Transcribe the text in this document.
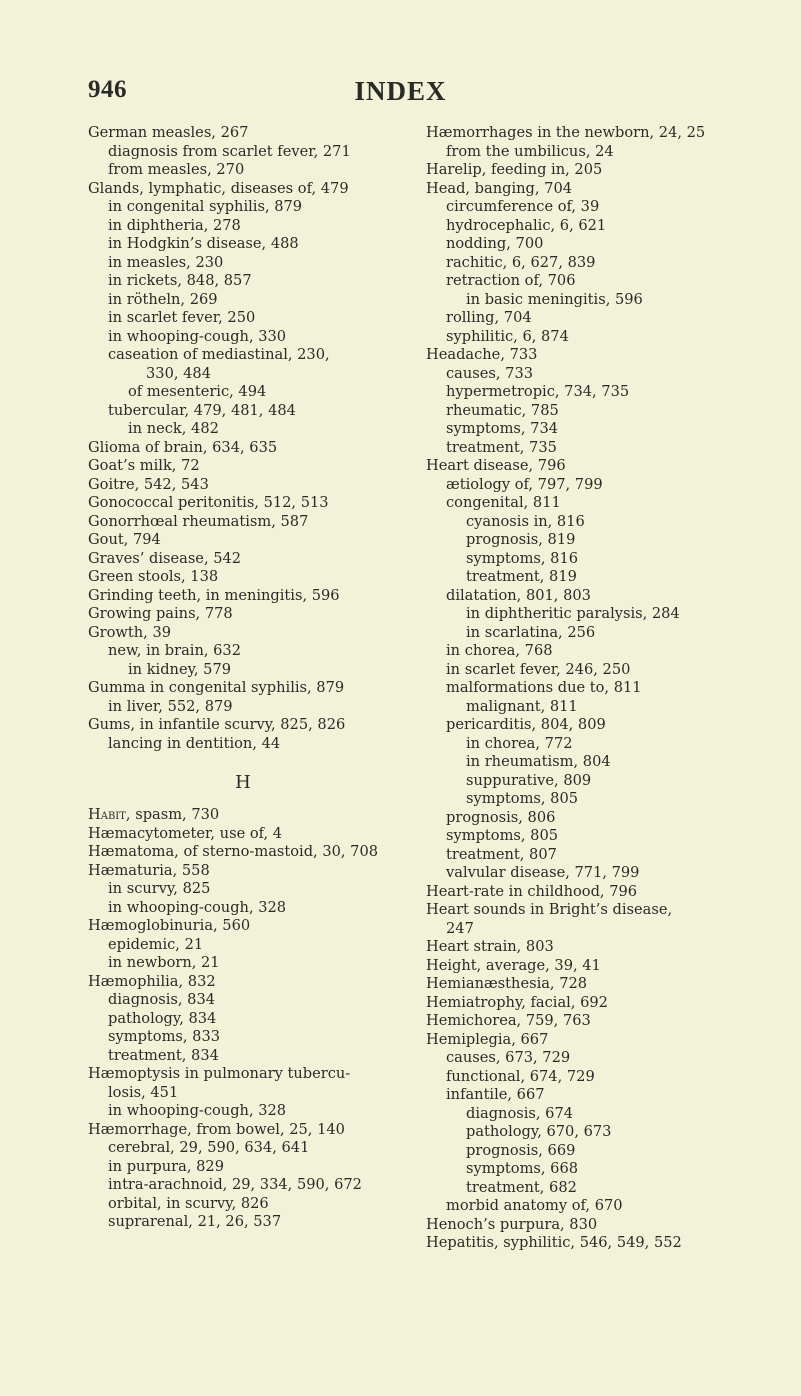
946	INDEX
German measles, 267
diagnosis from scarlet fever, 271
from measles, 270
Glands, lymphatic, diseases of, 479
in congenital syphilis, 879
in diphtheria, 278
in Hodgkin’s disease, 488
in measles, 230
in rickets, 848, 857
in rötheln, 269
in scarlet fever, 250
in whooping-cough, 330
caseation of mediastinal, 230,
330, 484
of mesenteric, 494
tubercular, 479, 481, 484
in neck, 482
Glioma of brain, 634, 635
Goat’s milk, 72
Goitre, 542, 543
Gonococcal peritonitis, 512, 513
Gonorrhœal rheumatism, 587
Gout, 794
Graves’ disease, 542
Green stools, 138
Grinding teeth, in meningitis, 596
Growing pains, 778
Growth, 39
new, in brain, 632
in kidney, 579
Gumma in congenital syphilis, 879
in liver, 552, 879
Gums, in infantile scurvy, 825, 826
lancing in dentition, 44
H
Habit, spasm, 730
Hæmacytometer, use of, 4
Hæmatoma, of sterno-mastoid, 30, 708
Hæmaturia, 558
in scurvy, 825
in whooping-cough, 328
Hæmoglobinuria, 560
epidemic, 21
in newborn, 21
Hæmophilia, 832
diagnosis, 834
pathology, 834
symptoms, 833
treatment, 834
Hæmoptysis in pulmonary tubercu-
losis, 451
in whooping-cough, 328
Hæmorrhage, from bowel, 25, 140
cerebral, 29, 590, 634, 641
in purpura, 829
intra-arachnoid, 29, 334, 590, 672
orbital, in scurvy, 826
suprarenal, 21, 26, 537
Hæmorrhages in the newborn, 24, 25
from the umbilicus, 24
Harelip, feeding in, 205
Head, banging, 704
circumference of, 39
hydrocephalic, 6, 621
nodding, 700
rachitic, 6, 627, 839
retraction of, 706
in basic meningitis, 596
rolling, 704
syphilitic, 6, 874
Headache, 733
causes, 733
hypermetropic, 734, 735
rheumatic, 785
symptoms, 734
treatment, 735
Heart disease, 796
ætiology of, 797, 799
congenital, 811
cyanosis in, 816
prognosis, 819
symptoms, 816
treatment, 819
dilatation, 801, 803
in diphtheritic paralysis, 284
in scarlatina, 256
in chorea, 768
in scarlet fever, 246, 250
malformations due to, 811
malignant, 811
pericarditis, 804, 809
in chorea, 772
in rheumatism, 804
suppurative, 809
symptoms, 805
prognosis, 806
symptoms, 805
treatment, 807
valvular disease, 771, 799
Heart-rate in childhood, 796
Heart sounds in Bright’s disease,
247
Heart strain, 803
Height, average, 39, 41
Hemianæsthesia, 728
Hemiatrophy, facial, 692
Hemichorea, 759, 763
Hemiplegia, 667
causes, 673, 729
functional, 674, 729
infantile, 667
diagnosis, 674
pathology, 670, 673
prognosis, 669
symptoms, 668
treatment, 682
morbid anatomy of, 670
Henoch’s purpura, 830
Hepatitis, syphilitic, 546, 549, 552
